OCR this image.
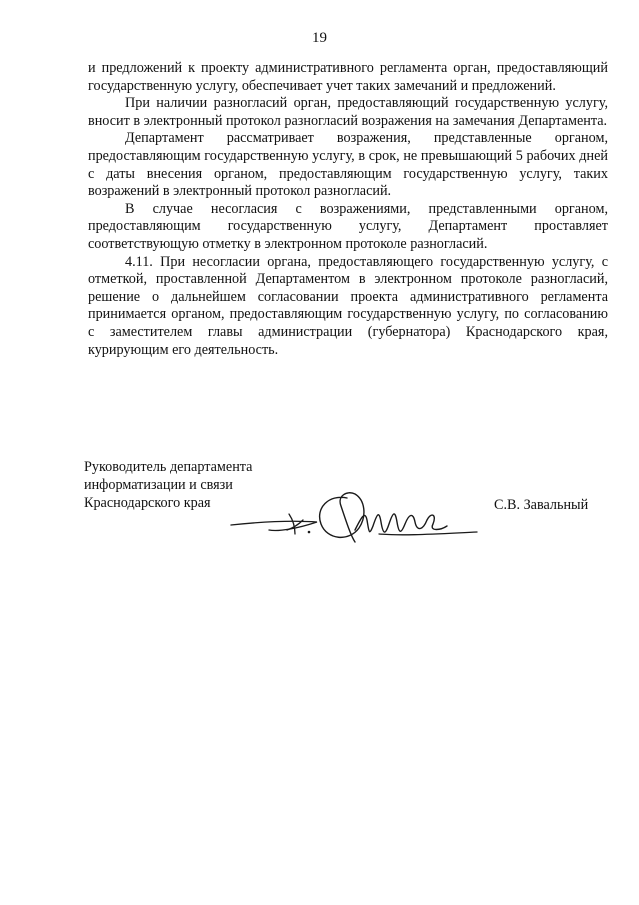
19

и предложений к проекту административного регламента орган, предоставляющий государственную услугу, обеспечивает учет таких замечаний и предложений.

При наличии разногласий орган, предоставляющий государственную услугу, вносит в электронный протокол разногласий возражения на замечания Департамента.

Департамент рассматривает возражения, представленные органом, предоставляющим государственную услугу, в срок, не превышающий 5 рабочих дней с даты внесения органом, предоставляющим государственную услугу, таких возражений в электронный протокол разногласий.

В случае несогласия с возражениями, представленными органом, предоставляющим государственную услугу, Департамент проставляет соответствующую отметку в электронном протоколе разногласий.

4.11. При несогласии органа, предоставляющего государственную услугу, с отметкой, проставленной Департаментом в электронном протоколе разногласий, решение о дальнейшем согласовании проекта административного регламента принимается органом, предоставляющим государственную услугу, по согласованию с заместителем главы администрации (губернатора) Краснодарского края, курирующим его деятельность.

Руководитель департамента
информатизации и связи
Краснодарского края	С.В. Завальный
